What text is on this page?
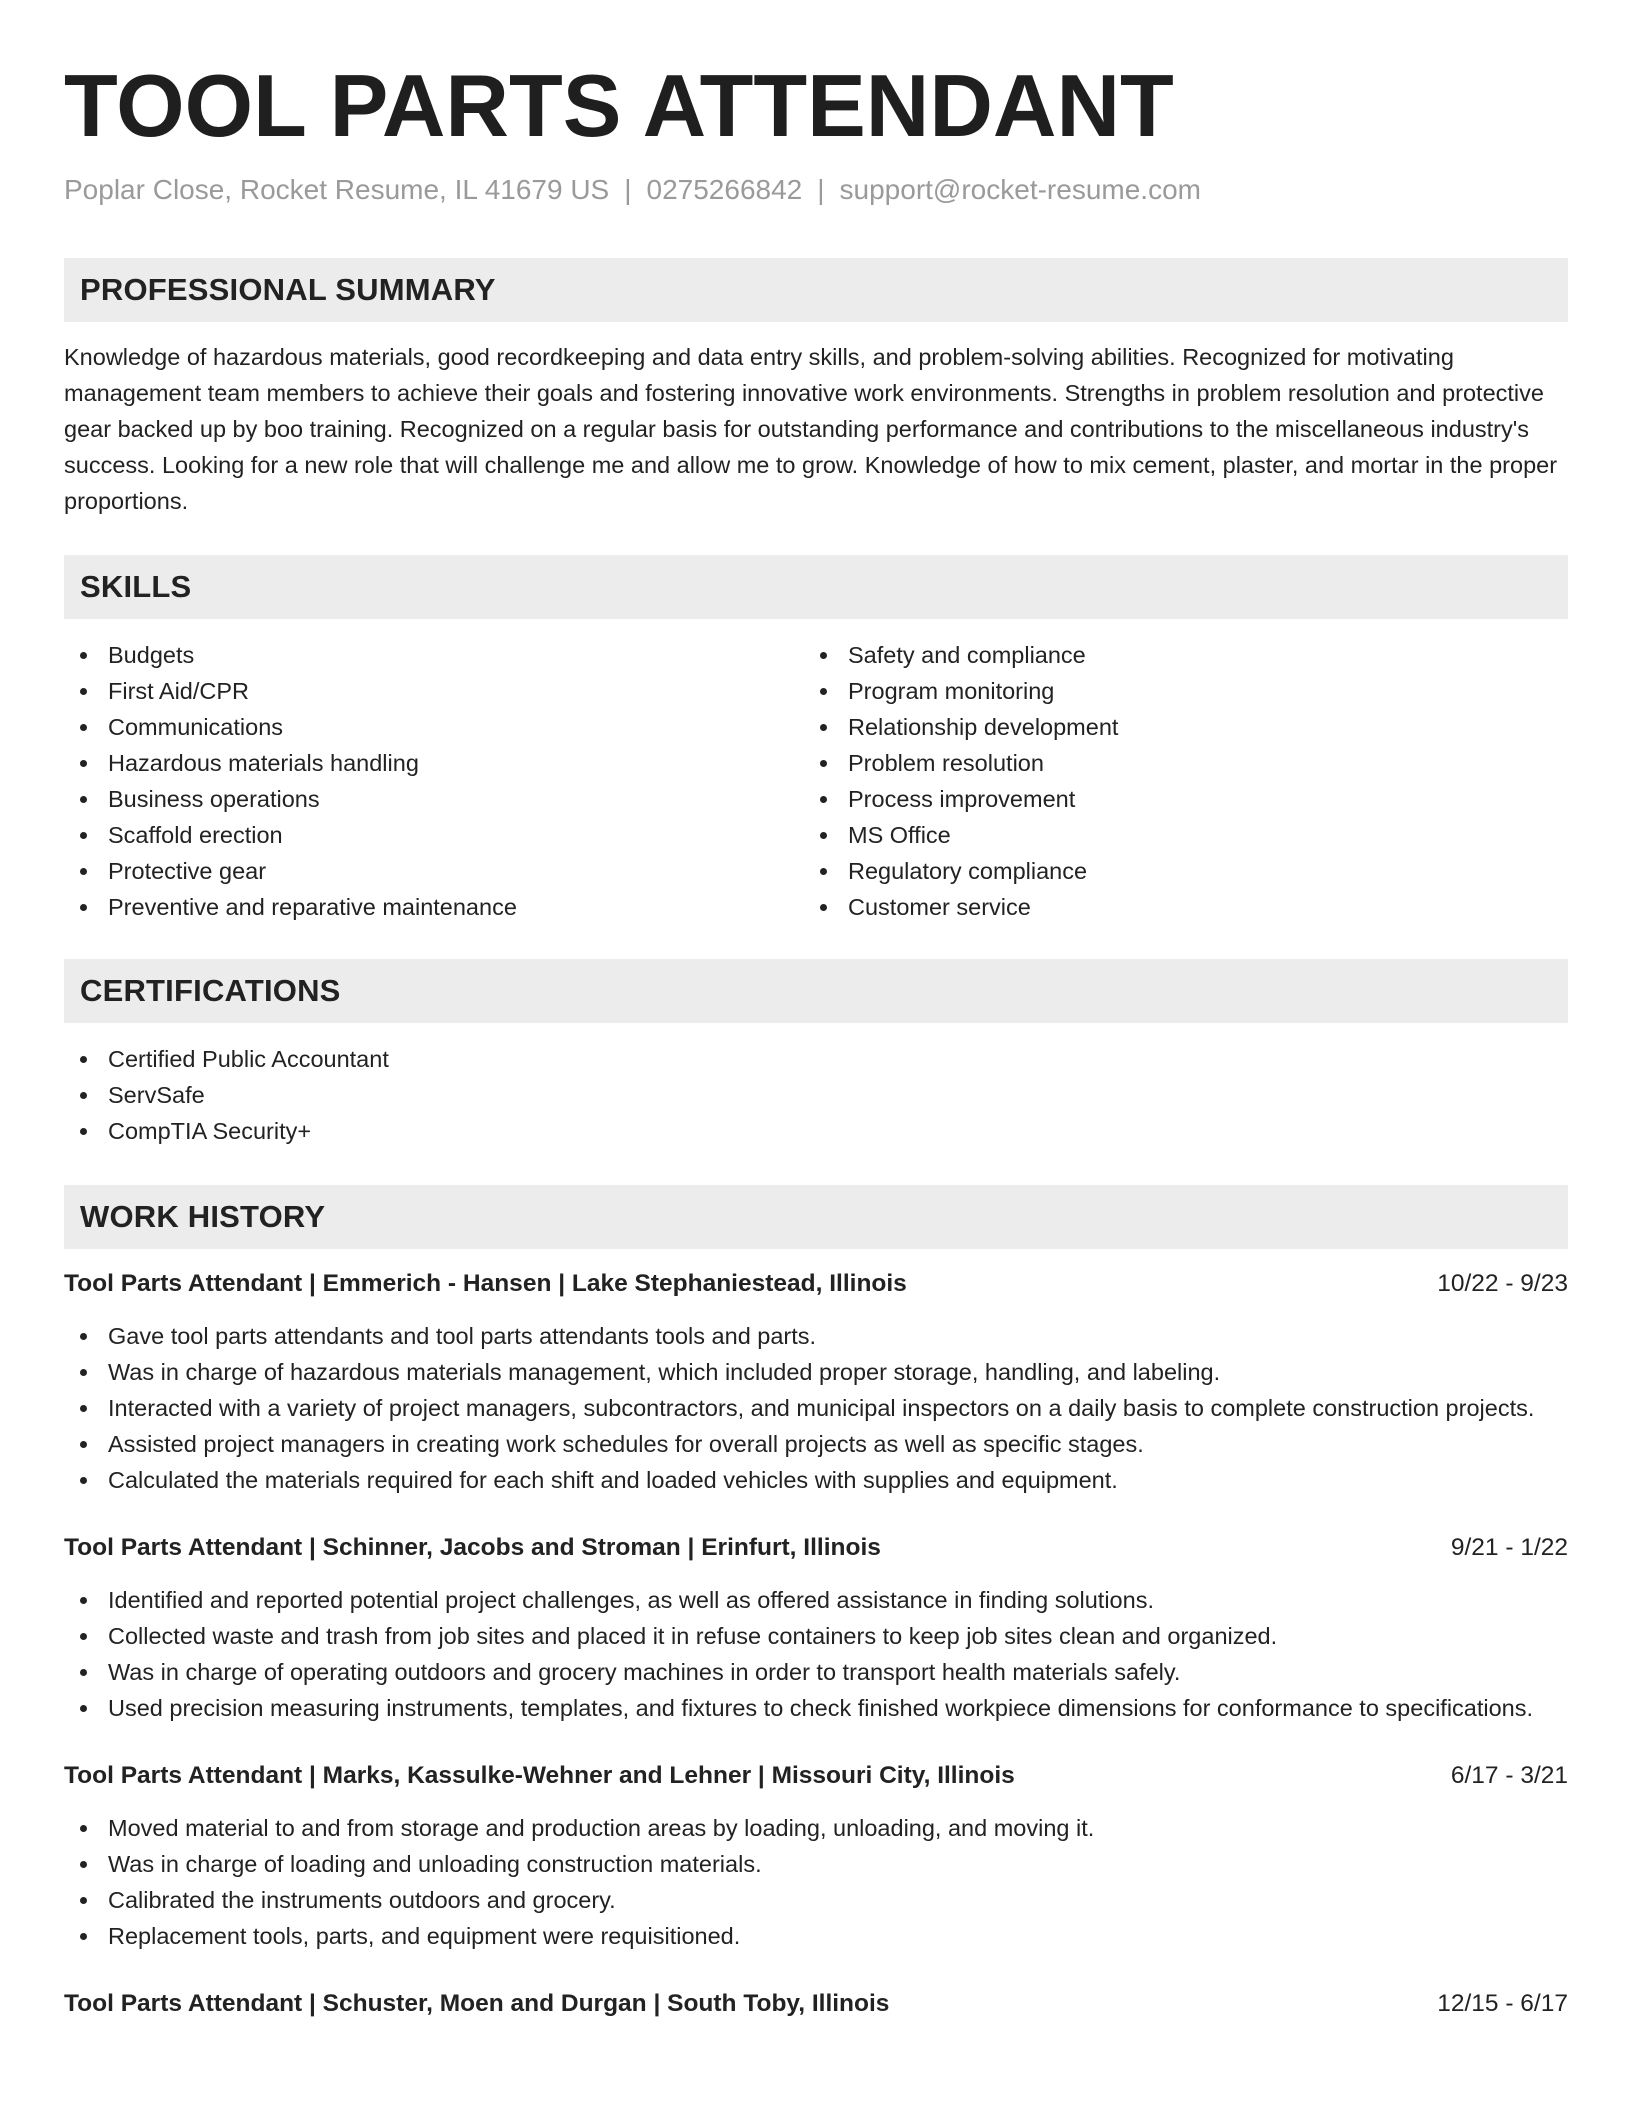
TOOL PARTS ATTENDANT
Poplar Close, Rocket Resume, IL 41679 US | 0275266842 | support@rocket-resume.com
PROFESSIONAL SUMMARY

Knowledge of hazardous materials, good recordkeeping and data entry skills, and problem-solving abilities. Recognized for motivating management team members to achieve their goals and fostering innovative work environments. Strengths in problem resolution and protective gear backed up by boo training. Recognized on a regular basis for outstanding performance and contributions to the miscellaneous industry's success. Looking for a new role that will challenge me and allow me to grow. Knowledge of how to mix cement, plaster, and mortar in the proper proportions.

SKILLS
Budgets
First Aid/CPR
Communications
Hazardous materials handling
Business operations
Scaffold erection
Protective gear
Preventive and reparative maintenance
Safety and compliance
Program monitoring
Relationship development
Problem resolution
Process improvement
MS Office
Regulatory compliance
Customer service
CERTIFICATIONS
Certified Public Accountant
ServSafe
CompTIA Security+
WORK HISTORY
Tool Parts Attendant | Emmerich - Hansen | Lake Stephaniestead, Illinois	10/22 - 9/23
Gave tool parts attendants and tool parts attendants tools and parts.
Was in charge of hazardous materials management, which included proper storage, handling, and labeling.
Interacted with a variety of project managers, subcontractors, and municipal inspectors on a daily basis to complete construction projects.
Assisted project managers in creating work schedules for overall projects as well as specific stages.
Calculated the materials required for each shift and loaded vehicles with supplies and equipment.
Tool Parts Attendant | Schinner, Jacobs and Stroman | Erinfurt, Illinois	9/21 - 1/22
Identified and reported potential project challenges, as well as offered assistance in finding solutions.
Collected waste and trash from job sites and placed it in refuse containers to keep job sites clean and organized.
Was in charge of operating outdoors and grocery machines in order to transport health materials safely.
Used precision measuring instruments, templates, and fixtures to check finished workpiece dimensions for conformance to specifications.
Tool Parts Attendant | Marks, Kassulke-Wehner and Lehner | Missouri City, Illinois	6/17 - 3/21
Moved material to and from storage and production areas by loading, unloading, and moving it.
Was in charge of loading and unloading construction materials.
Calibrated the instruments outdoors and grocery.
Replacement tools, parts, and equipment were requisitioned.
Tool Parts Attendant | Schuster, Moen and Durgan | South Toby, Illinois	12/15 - 6/17
